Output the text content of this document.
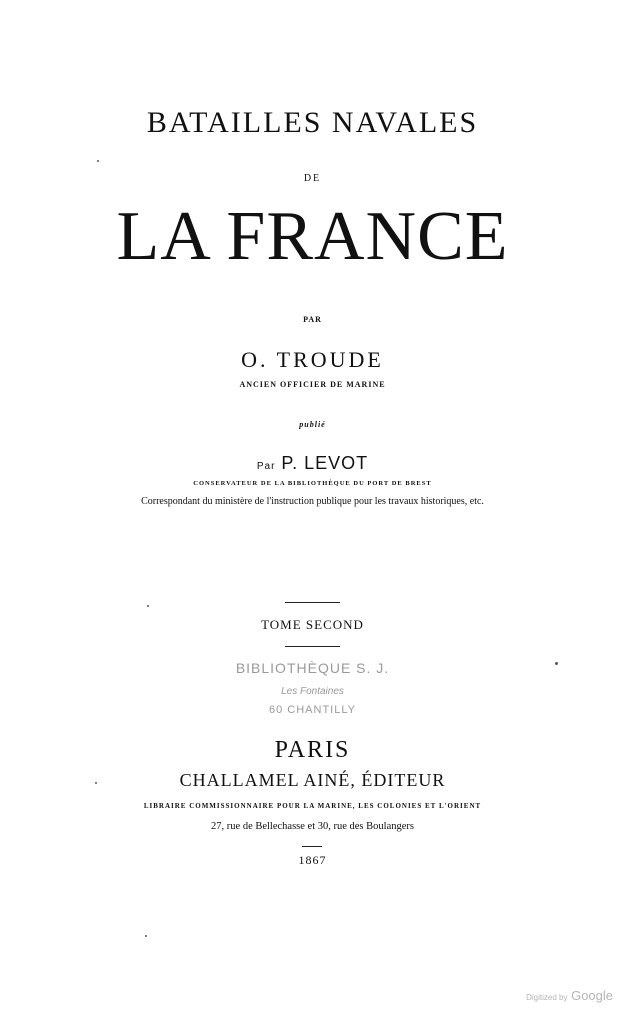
BATAILLES NAVALES
DE
LA FRANCE
PAR
O. TROUDE
ANCIEN OFFICIER DE MARINE
publié
Par P. LEVOT
CONSERVATEUR DE LA BIBLIOTHÈQUE DU PORT DE BREST
Correspondant du ministère de l'instruction publique pour les travaux historiques, etc.
TOME SECOND
BIBLIOTHÈQUE S. J.
Les Fontaines
60 CHANTILLY
PARIS
CHALLAMEL AINÉ, ÉDITEUR
LIBRAIRE COMMISSIONNAIRE POUR LA MARINE, LES COLONIES ET L'ORIENT
27, rue de Bellechasse et 30, rue des Boulangers
1867
Digitized by Google
